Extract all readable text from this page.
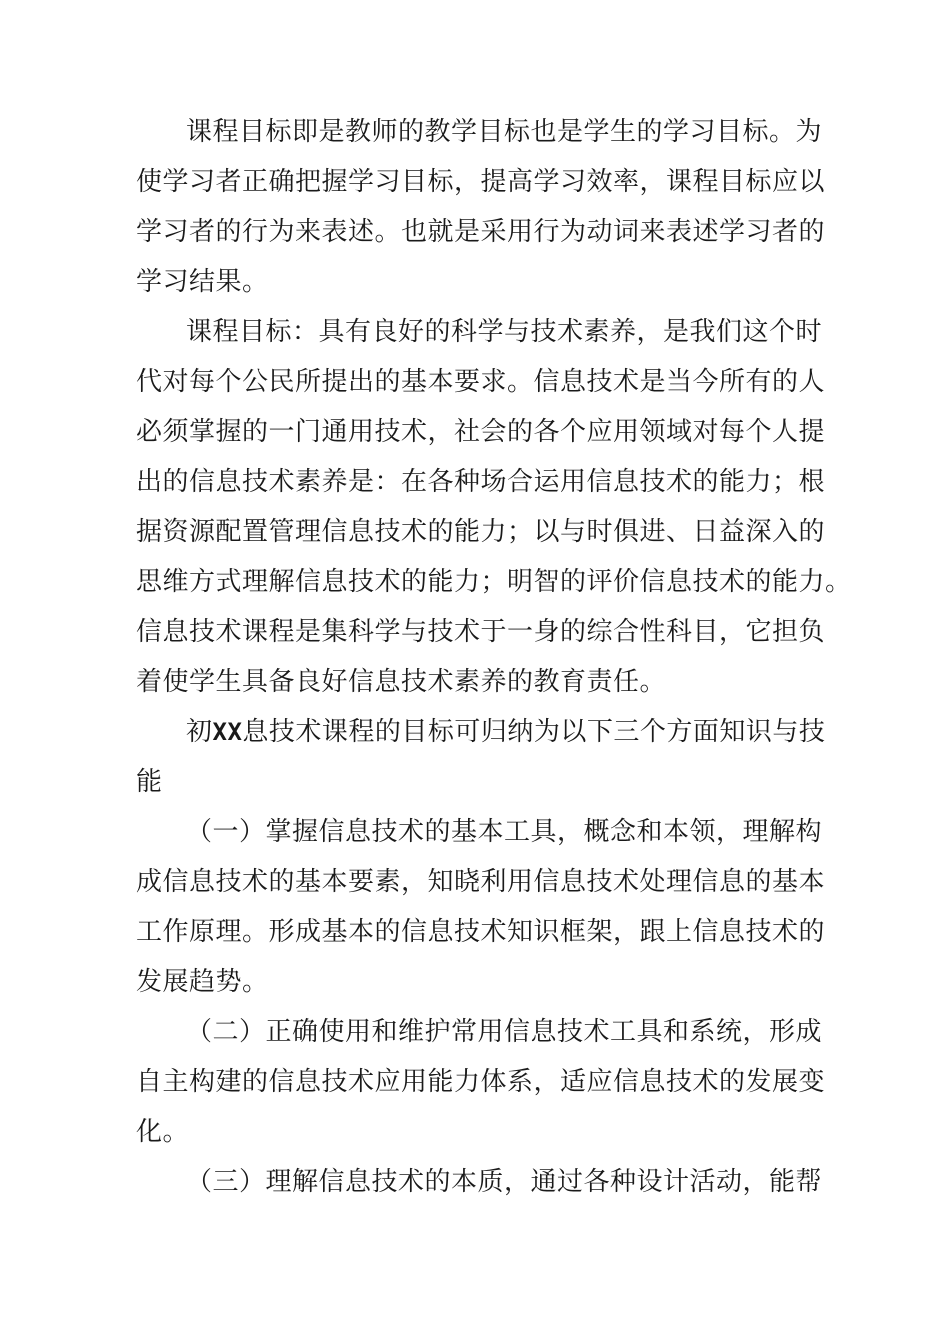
课程目标即是教师的教学目标也是学生的学习目标。为
使学习者正确把握学习目标，提高学习效率，课程目标应以
学习者的行为来表述。也就是采用行为动词来表述学习者的
学习结果。
课程目标：具有良好的科学与技术素养，是我们这个时
代对每个公民所提出的基本要求。信息技术是当今所有的人
必须掌握的一门通用技术，社会的各个应用领域对每个人提
出的信息技术素养是：在各种场合运用信息技术的能力；根
据资源配置管理信息技术的能力；以与时俱进、日益深入的
思维方式理解信息技术的能力；明智的评价信息技术的能力。
信息技术课程是集科学与技术于一身的综合性科目，它担负
着使学生具备良好信息技术素养的教育责任。
初XX息技术课程的目标可归纳为以下三个方面知识与技
能
（一）掌握信息技术的基本工具，概念和本领，理解构
成信息技术的基本要素，知晓利用信息技术处理信息的基本
工作原理。形成基本的信息技术知识框架，跟上信息技术的
发展趋势。
（二）正确使用和维护常用信息技术工具和系统，形成
自主构建的信息技术应用能力体系，适应信息技术的发展变
化。
（三）理解信息技术的本质，通过各种设计活动，能帮
